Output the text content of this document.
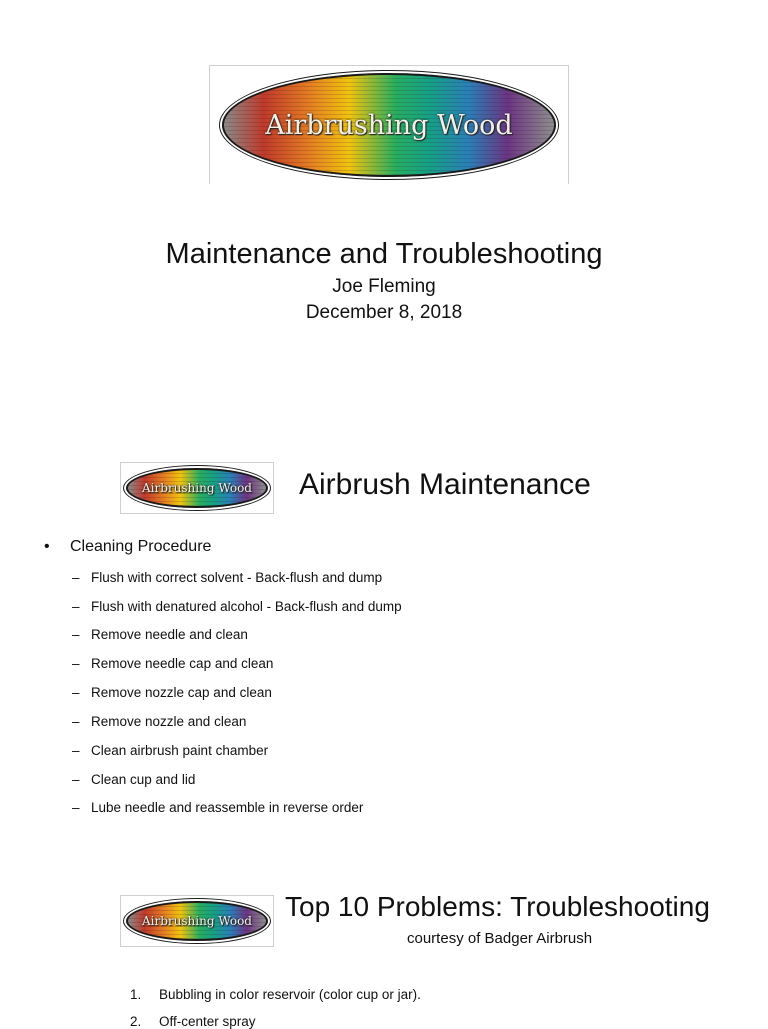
Airbrushing Wood
Maintenance and Troubleshooting
Joe Fleming
December 8, 2018
Airbrushing Wood Airbrush Maintenance
• Cleaning Procedure
– Flush with correct solvent - Back-flush and dump
– Flush with denatured alcohol - Back-flush and dump
– Remove needle and clean
– Remove needle cap and clean
– Remove nozzle cap and clean
– Remove nozzle and clean
– Clean airbrush paint chamber
– Clean cup and lid
– Lube needle and reassemble in reverse order
Airbrushing Wood Top 10 Problems: Troubleshooting
courtesy of Badger Airbrush
1. Bubbling in color reservoir (color cup or jar).
2. Off-center spray
